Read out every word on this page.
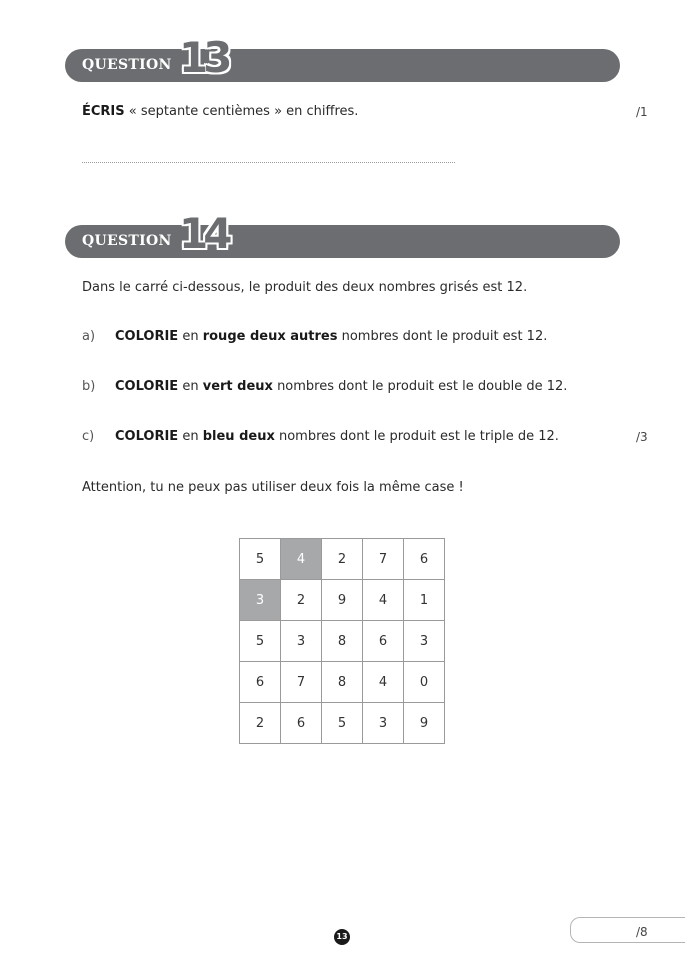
QUESTION 13
ÉCRIS « septante centièmes » en chiffres.	/1
QUESTION 14
Dans le carré ci-dessous, le produit des deux nombres grisés est 12.
a) COLORIE en rouge deux autres nombres dont le produit est 12.
b) COLORIE en vert deux nombres dont le produit est le double de 12.
c) COLORIE en bleu deux nombres dont le produit est le triple de 12.	/3
Attention, tu ne peux pas utiliser deux fois la même case !
5	4	2	7	6
3	2	9	4	1
5	3	8	6	3
6	7	8	4	0
2	6	5	3	9
/8
13
